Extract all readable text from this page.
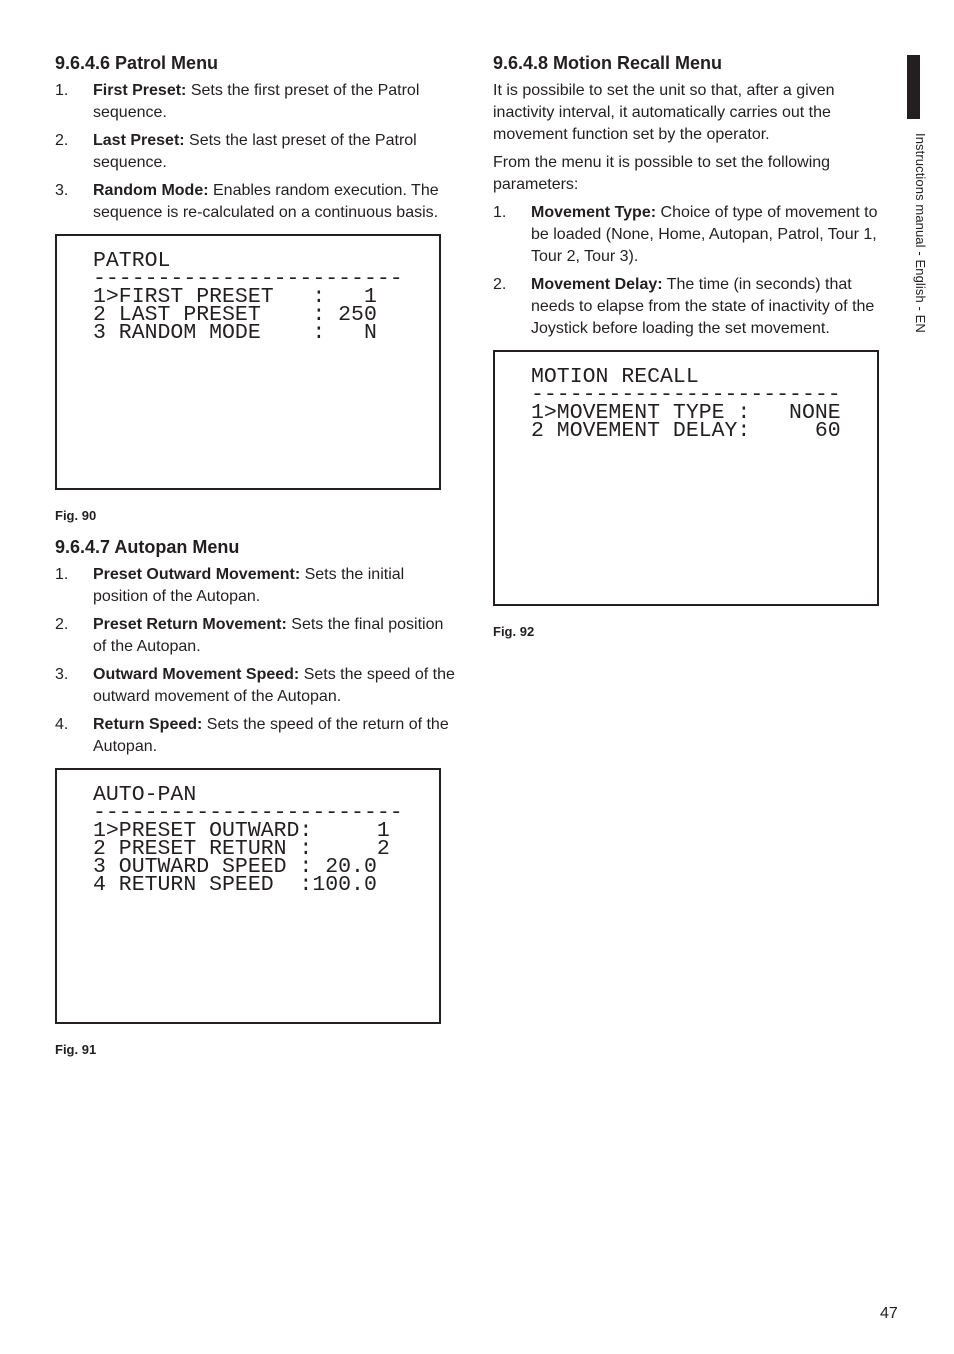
Instructions manual - English - EN
9.6.4.6 Patrol Menu
1. First Preset: Sets the first preset of the Patrol sequence.
2. Last Preset: Sets the last preset of the Patrol sequence.
3. Random Mode: Enables random execution. The sequence is re-calculated on a continuous basis.
PATROL
------------------------
1>FIRST PRESET   :   1
2 LAST PRESET    : 250
3 RANDOM MODE    :   N
Fig. 90
9.6.4.7 Autopan Menu
1. Preset Outward Movement: Sets the initial position of the Autopan.
2. Preset Return Movement: Sets the final position of the Autopan.
3. Outward Movement Speed: Sets the speed of the outward movement of the Autopan.
4. Return Speed: Sets the speed of the return of the Autopan.
AUTO-PAN
------------------------
1>PRESET OUTWARD:     1
2 PRESET RETURN :     2
3 OUTWARD SPEED : 20.0
4 RETURN SPEED  :100.0
Fig. 91
9.6.4.8 Motion Recall Menu

It is possibile to set the unit so that, after a given inactivity interval, it automatically carries out the movement function set by the operator.

From the menu it is possible to set the following parameters:

1. Movement Type: Choice of type of movement to be loaded (None, Home, Autopan, Patrol, Tour 1, Tour 2, Tour 3).
2. Movement Delay: The time (in seconds) that needs to elapse from the state of inactivity of the Joystick before loading the set movement.
MOTION RECALL
------------------------
1>MOVEMENT TYPE :   NONE
2 MOVEMENT DELAY:     60
Fig. 92
47
